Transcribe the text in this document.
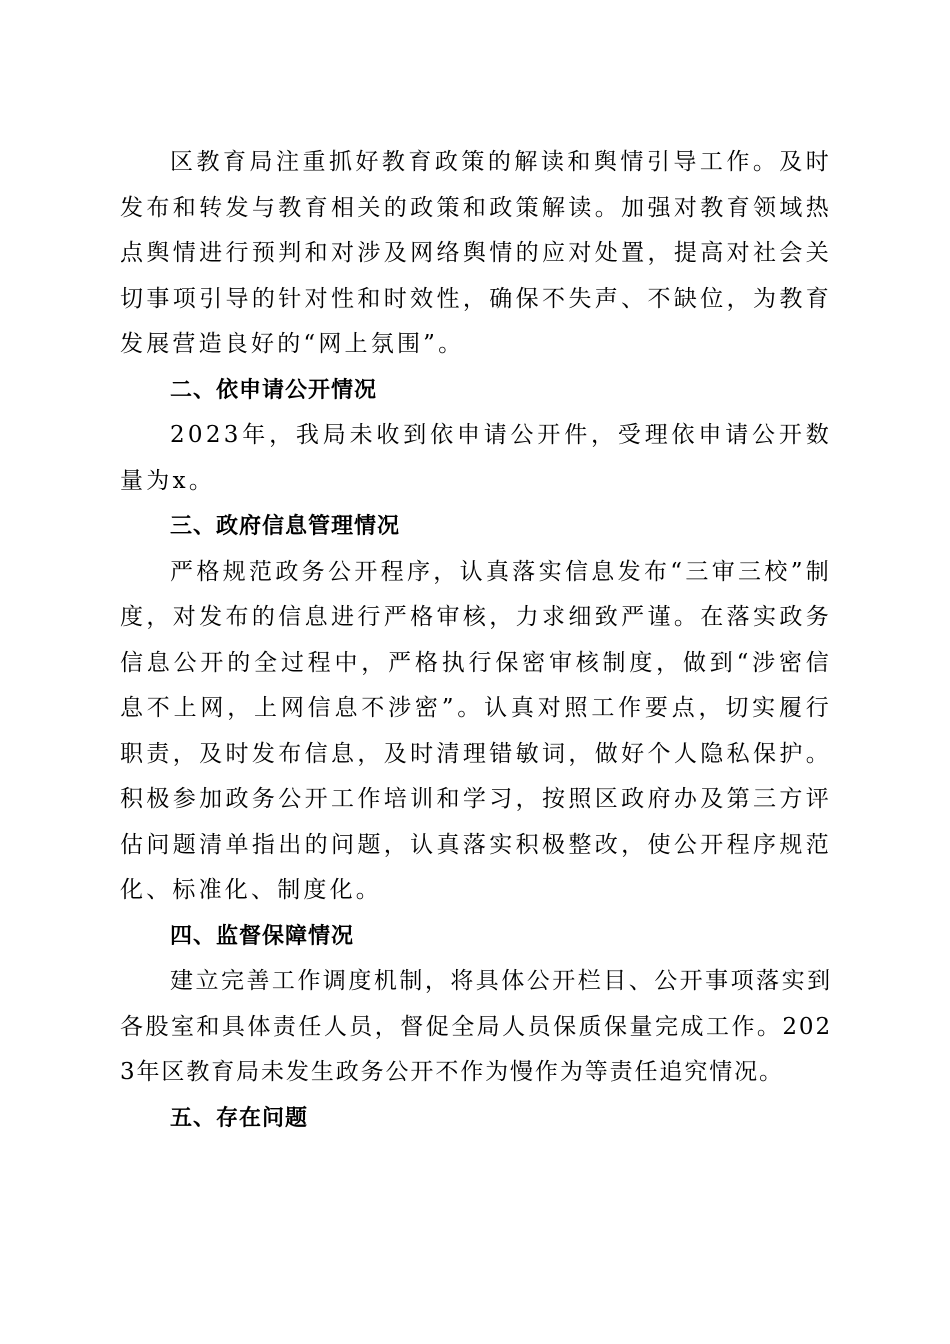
区教育局注重抓好教育政策的解读和舆情引导工作。及时发布和转发与教育相关的政策和政策解读。加强对教育领域热点舆情进行预判和对涉及网络舆情的应对处置，提高对社会关切事项引导的针对性和时效性，确保不失声、不缺位，为教育发展营造良好的“网上氛围”。

二、依申请公开情况

2023年，我局未收到依申请公开件，受理依申请公开数量为x。

三、政府信息管理情况

严格规范政务公开程序，认真落实信息发布“三审三校”制度，对发布的信息进行严格审核，力求细致严谨。在落实政务信息公开的全过程中，严格执行保密审核制度，做到“涉密信息不上网，上网信息不涉密”。认真对照工作要点，切实履行职责，及时发布信息，及时清理错敏词，做好个人隐私保护。积极参加政务公开工作培训和学习，按照区政府办及第三方评估问题清单指出的问题，认真落实积极整改，使公开程序规范化、标准化、制度化。

四、监督保障情况

建立完善工作调度机制，将具体公开栏目、公开事项落实到各股室和具体责任人员，督促全局人员保质保量完成工作。2023年区教育局未发生政务公开不作为慢作为等责任追究情况。

五、存在问题
